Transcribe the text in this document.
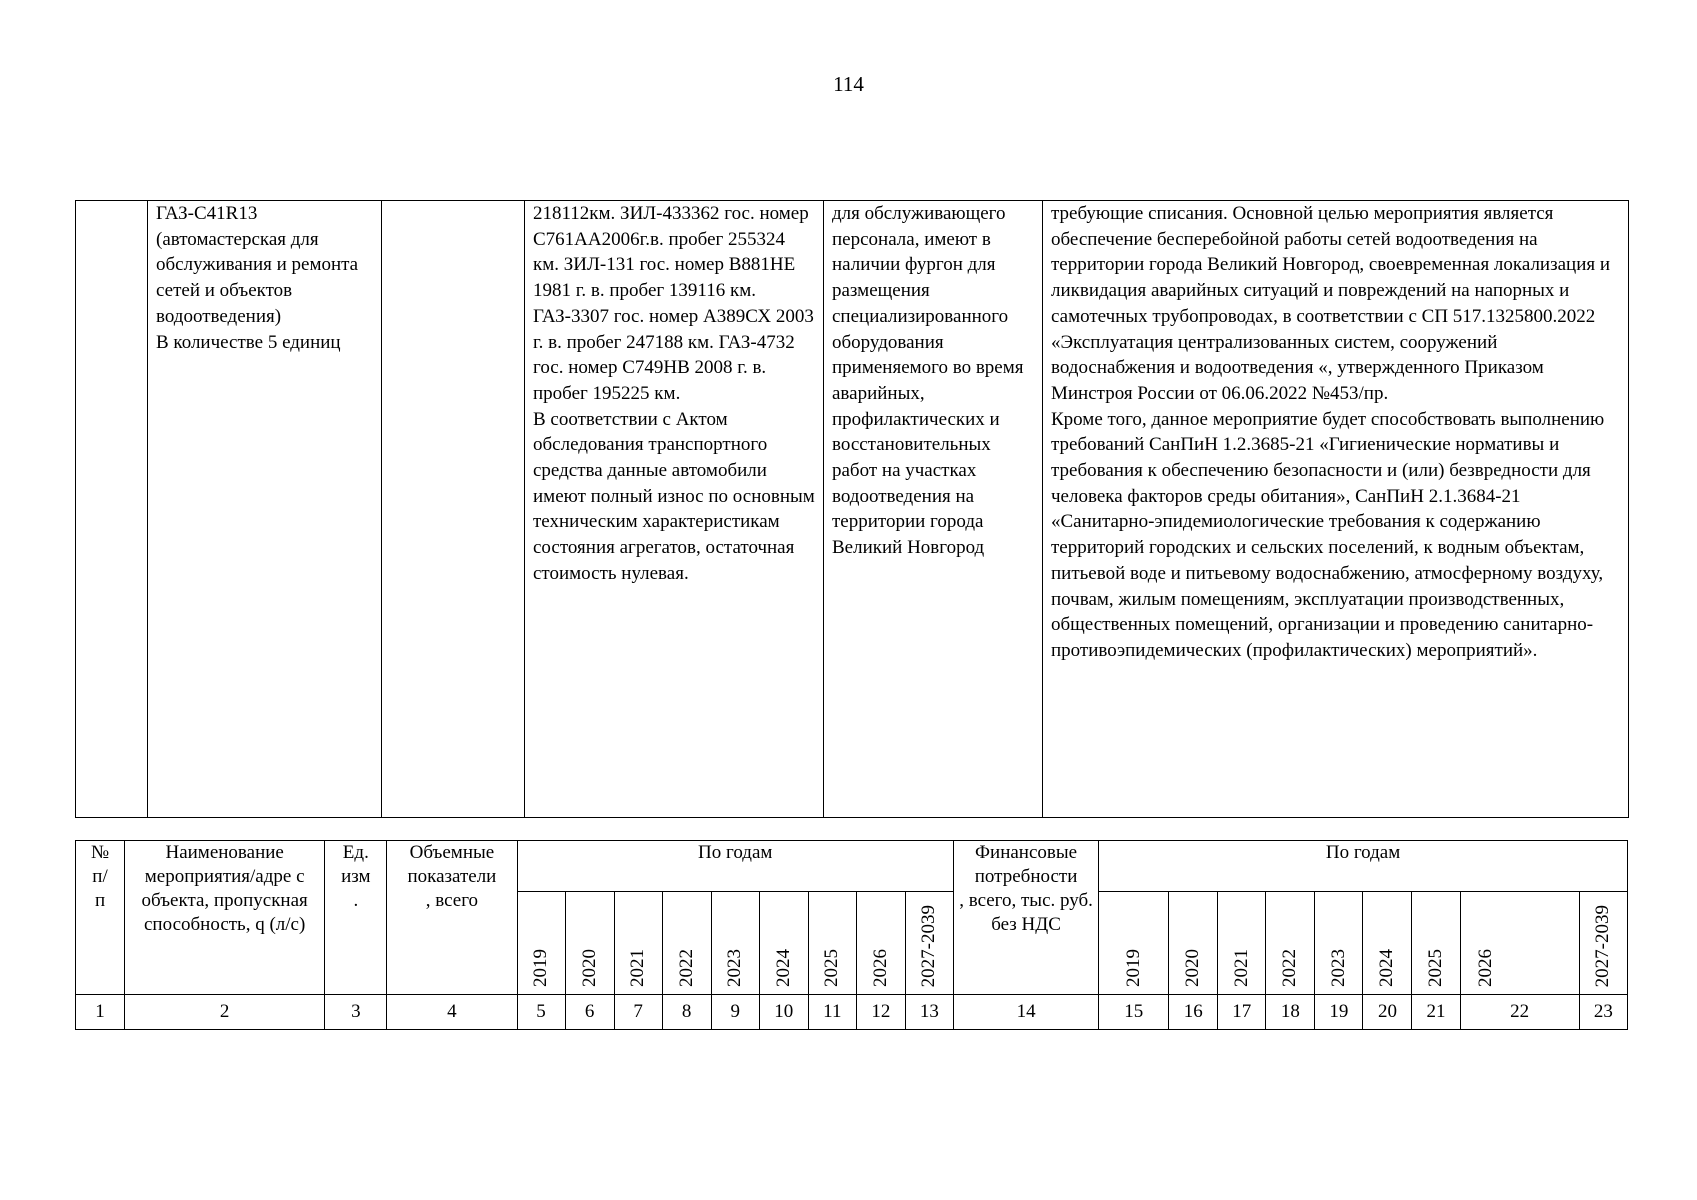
114
	ГАЗ-С41R13
(автомастерская для обслуживания и ремонта сетей и объектов водоотведения)
В количестве 5 единиц		218112км. ЗИЛ-433362 гос. номер С761АА2006г.в. пробег 255324 км. ЗИЛ-131 гос. номер В881НЕ 1981 г. в. пробег 139116 км. ГАЗ-3307 гос. номер А389СХ 2003 г. в. пробег 247188 км. ГАЗ-4732 гос. номер С749НВ 2008 г. в. пробег 195225 км.
В соответствии с Актом обследования транспортного средства данные автомобили имеют полный износ по основным техническим характеристикам состояния агрегатов, остаточная стоимость нулевая.	для обслуживающего персонала, имеют в наличии фургон для размещения специализированного оборудования применяемого во время аварийных, профилактических и восстановительных работ на участках водоотведения на территории города Великий Новгород	требующие списания. Основной целью мероприятия является обеспечение бесперебойной работы сетей водоотведения на территории города Великий Новгород, своевременная локализация и ликвидация аварийных ситуаций и повреждений на напорных и самотечных трубопроводах, в соответствии с СП 517.1325800.2022 «Эксплуатация централизованных систем, сооружений водоснабжения и водоотведения «, утвержденного Приказом Минстроя России от 06.06.2022 №453/пр.
Кроме того, данное мероприятие будет способствовать выполнению требований СанПиН 1.2.3685-21 «Гигиенические нормативы и требования к обеспечению безопасности и (или) безвредности для человека факторов среды обитания», СанПиН 2.1.3684-21 «Санитарно-эпидемиологические требования к содержанию территорий городских и сельских поселений, к водным объектам, питьевой воде и питьевому водоснабжению, атмосферному воздуху, почвам, жилым помещениям, эксплуатации производственных, общественных помещений, организации и проведению санитарно-противоэпидемических (профилактических) мероприятий».
№
п/
п	Наименование мероприятия/адре с объекта, пропускная способность, q (л/с)	Ед. изм
.	Объемные показатели
, всего	По годам									Финансовые потребности
, всего, тыс. руб. без НДС	По годам								
				2019	2020	2021	2022	2023	2024	2025	2026	2027-2039		2019	2020	2021	2022	2023	2024	2025	2026	2027-2039
1	2	3	4	5	6	7	8	9	10	11	12	13	14	15	16	17	18	19	20	21	22	23
